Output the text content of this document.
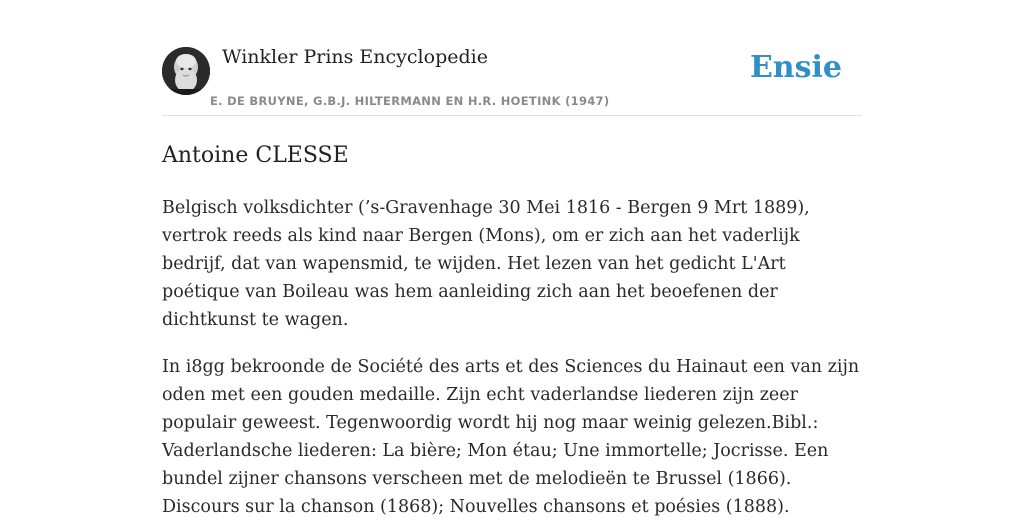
Winkler Prins Encyclopedie
E. DE BRUYNE, G.B.J. HILTERMANN EN H.R. HOETINK (1947)
Ensie
Antoine CLESSE

Belgisch volksdichter (’s-Gravenhage 30 Mei 1816 - Bergen 9 Mrt 1889), vertrok reeds als kind naar Bergen (Mons), om er zich aan het vaderlijk bedrijf, dat van wapensmid, te wijden. Het lezen van het gedicht L'Art poétique van Boileau was hem aanleiding zich aan het beoefenen der dichtkunst te wagen.

In i8gg bekroonde de Société des arts et des Sciences du Hainaut een van zijn oden met een gouden medaille. Zijn echt vaderlandse liederen zijn zeer populair geweest. Tegenwoordig wordt hij nog maar weinig gelezen.Bibl.: Vaderlandsche liederen: La bière; Mon étau; Une immortelle; Jocrisse. Een bundel zijner chansons verscheen met de melodieën te Brussel (1866). Discours sur la chanson (1868); Nouvelles chansons et poésies (1888).
